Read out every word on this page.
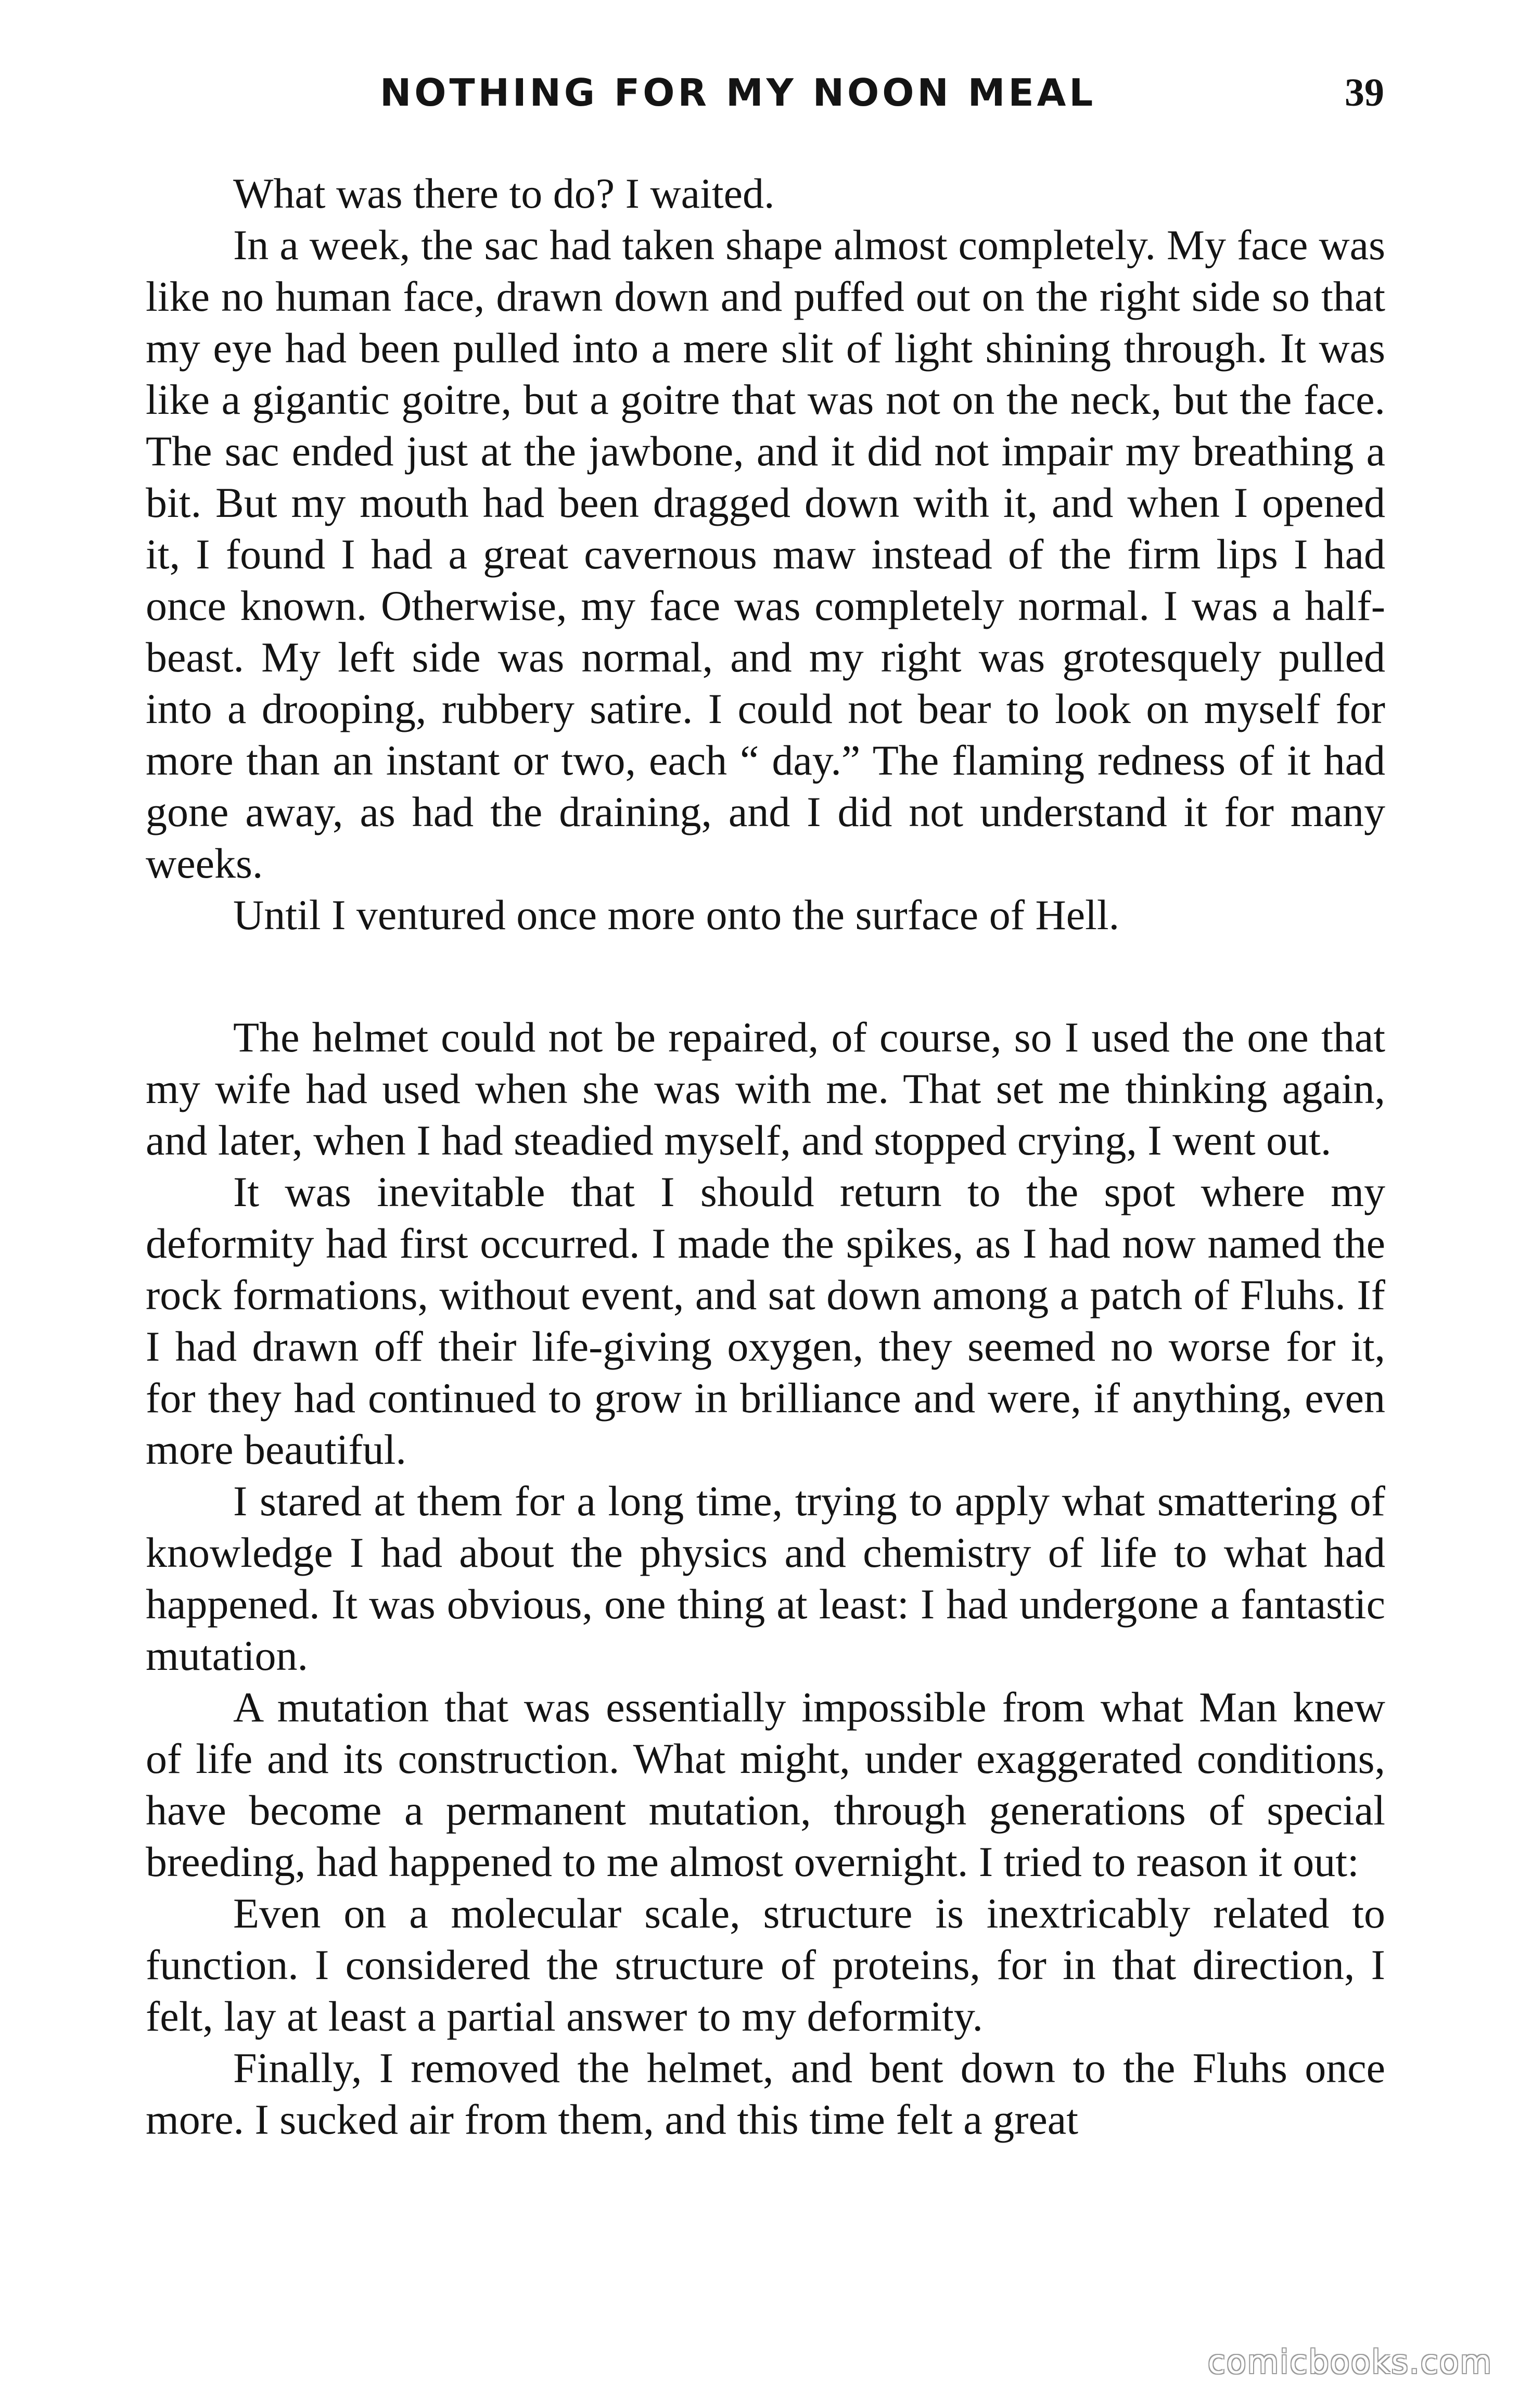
NOTHING FOR MY NOON MEAL	39

What was there to do? I waited.

In a week, the sac had taken shape almost completely. My face was like no human face, drawn down and puffed out on the right side so that my eye had been pulled into a mere slit of light shining through. It was like a gigantic goitre, but a goitre that was not on the neck, but the face. The sac ended just at the jawbone, and it did not impair my breathing a bit. But my mouth had been dragged down with it, and when I opened it, I found I had a great cavernous maw instead of the firm lips I had once known. Otherwise, my face was completely normal. I was a half-beast. My left side was normal, and my right was grotesquely pulled into a drooping, rubbery satire. I could not bear to look on myself for more than an instant or two, each “ day.” The flaming redness of it had gone away, as had the draining, and I did not understand it for many weeks.

Until I ventured once more onto the surface of Hell.

The helmet could not be repaired, of course, so I used the one that my wife had used when she was with me. That set me thinking again, and later, when I had steadied myself, and stopped crying, I went out.

It was inevitable that I should return to the spot where my deformity had first occurred. I made the spikes, as I had now named the rock formations, without event, and sat down among a patch of Fluhs. If I had drawn off their life-giving oxygen, they seemed no worse for it, for they had continued to grow in brilliance and were, if anything, even more beautiful.

I stared at them for a long time, trying to apply what smattering of knowledge I had about the physics and chemistry of life to what had happened. It was obvious, one thing at least: I had undergone a fantastic mutation.

A mutation that was essentially impossible from what Man knew of life and its construction. What might, under exaggerated conditions, have become a permanent mutation, through generations of special breeding, had happened to me almost overnight. I tried to reason it out:

Even on a molecular scale, structure is inextricably related to function. I considered the structure of proteins, for in that direction, I felt, lay at least a partial answer to my deformity.

Finally, I removed the helmet, and bent down to the Fluhs once more. I sucked air from them, and this time felt a great

comicbooks.com
